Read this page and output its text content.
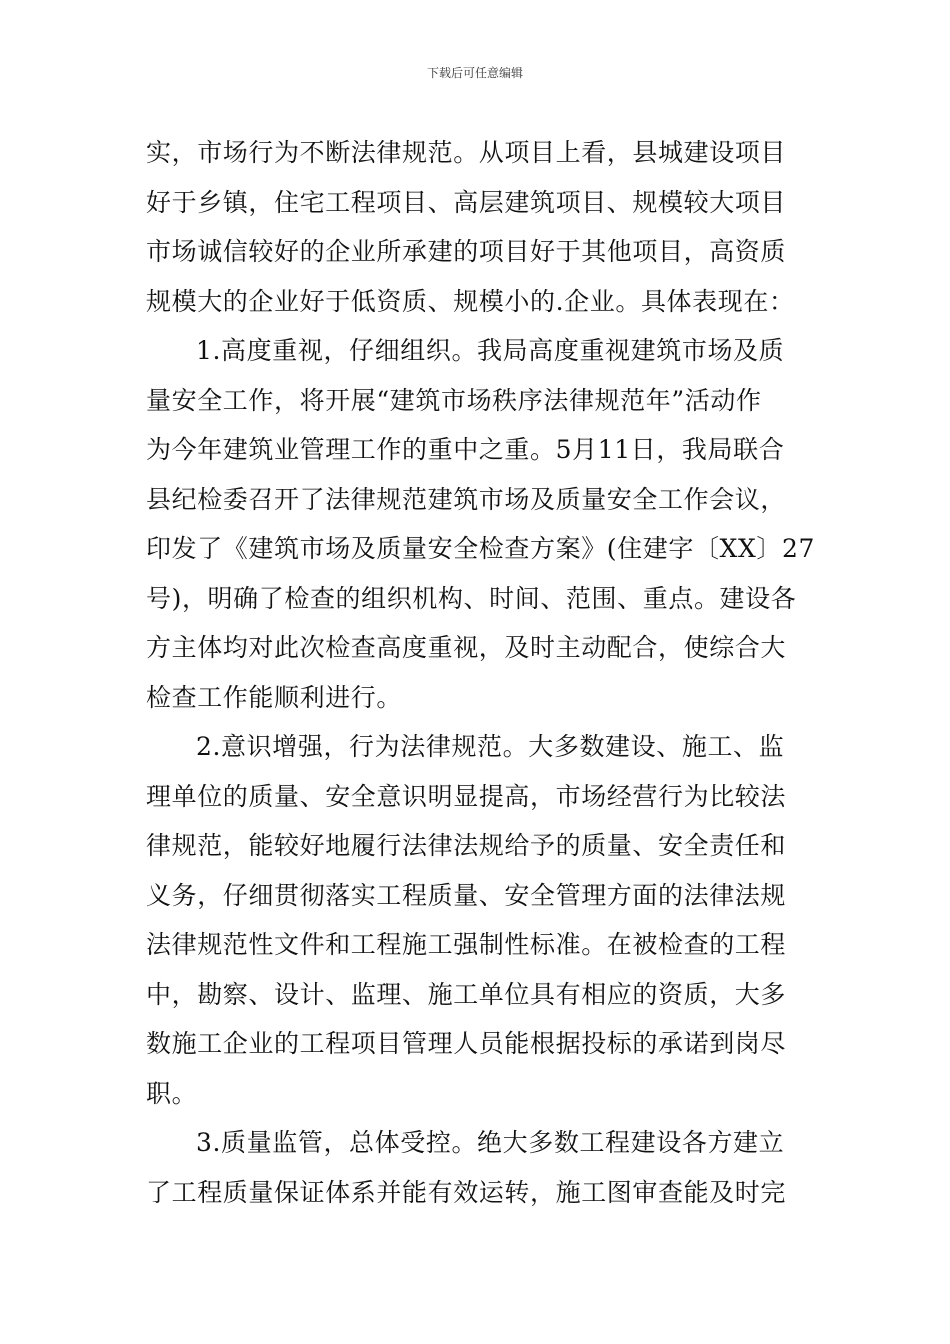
下载后可任意编辑
实，市场行为不断法律规范。从项目上看，县城建设项目
好于乡镇，住宅工程项目、高层建筑项目、规模较大项目
市场诚信较好的企业所承建的项目好于其他项目，高资质
规模大的企业好于低资质、规模小的.企业。具体表现在：
1.高度重视，仔细组织。我局高度重视建筑市场及质
量安全工作，将开展“建筑市场秩序法律规范年”活动作
为今年建筑业管理工作的重中之重。5月11日，我局联合
县纪检委召开了法律规范建筑市场及质量安全工作会议，
印发了《建筑市场及质量安全检查方案》(住建字〔XX〕27
号)，明确了检查的组织机构、时间、范围、重点。建设各
方主体均对此次检查高度重视，及时主动配合，使综合大
检查工作能顺利进行。
2.意识增强，行为法律规范。大多数建设、施工、监
理单位的质量、安全意识明显提高，市场经营行为比较法
律规范，能较好地履行法律法规给予的质量、安全责任和
义务，仔细贯彻落实工程质量、安全管理方面的法律法规
法律规范性文件和工程施工强制性标准。在被检查的工程
中，勘察、设计、监理、施工单位具有相应的资质，大多
数施工企业的工程项目管理人员能根据投标的承诺到岗尽
职。
3.质量监管，总体受控。绝大多数工程建设各方建立
了工程质量保证体系并能有效运转，施工图审查能及时完
